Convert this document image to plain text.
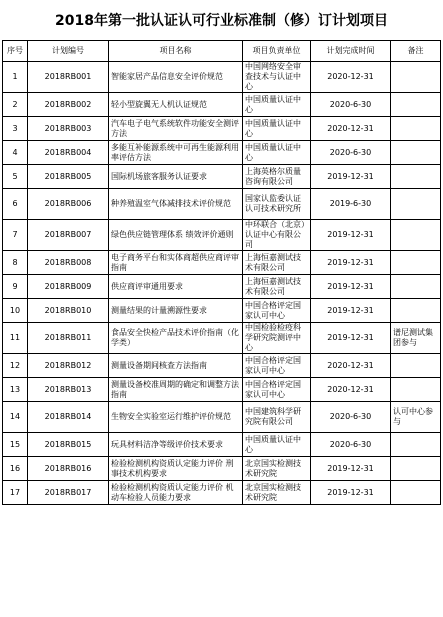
2018年第一批认证认可行业标准制（修）订计划项目
序号	计划编号	项目名称	项目负责单位	计划完成时间	备注
1	2018RB001	智能家居产品信息安全评价规范	中国网络安全审查技术与认证中心	2020-12-31	
2	2018RB002	轻小型旋翼无人机认证规范	中国质量认证中心	2020-6-30	
3	2018RB003	汽车电子电气系统软件功能安全测评方法	中国质量认证中心	2020-12-31	
4	2018RB004	多能互补能源系统中可再生能源利用率评估方法	中国质量认证中心	2020-6-30	
5	2018RB005	国际机场旅客服务认证要求	上海英格尔质量咨询有限公司	2019-12-31	
6	2018RB006	种养殖温室气体减排技术评价规范	国家认监委认证认可技术研究所	2019-6-30	
7	2018RB007	绿色供应链管理体系 绩效评价通则	中环联合（北京）认证中心有限公司	2019-12-31	
8	2018RB008	电子商务平台和实体商超供应商评审指南	上海恒嘉测试技术有限公司	2019-12-31	
9	2018RB009	供应商评审通用要求	上海恒嘉测试技术有限公司	2019-12-31	
10	2018RB010	测量结果的计量溯源性要求	中国合格评定国家认可中心	2019-12-31	
11	2018RB011	食品安全快检产品技术评价指南（化学类）	中国检验检疫科学研究院测评中心	2019-12-31	谱尼测试集团参与
12	2018RB012	测量设备期间核查方法指南	中国合格评定国家认可中心	2020-12-31	
13	2018RB013	测量设备校准周期的确定和调整方法指南	中国合格评定国家认可中心	2020-12-31	
14	2018RB014	生物安全实验室运行维护评价规范	中国建筑科学研究院有限公司	2020-6-30	认可中心参与
15	2018RB015	玩具材料洁净等级评价技术要求	中国质量认证中心	2020-6-30	
16	2018RB016	检验检测机构资质认定能力评价 刑事技术机构要求	北京国实检测技术研究院	2019-12-31	
17	2018RB017	检验检测机构资质认定能力评价 机动车检验人员能力要求	北京国实检测技术研究院	2019-12-31	
